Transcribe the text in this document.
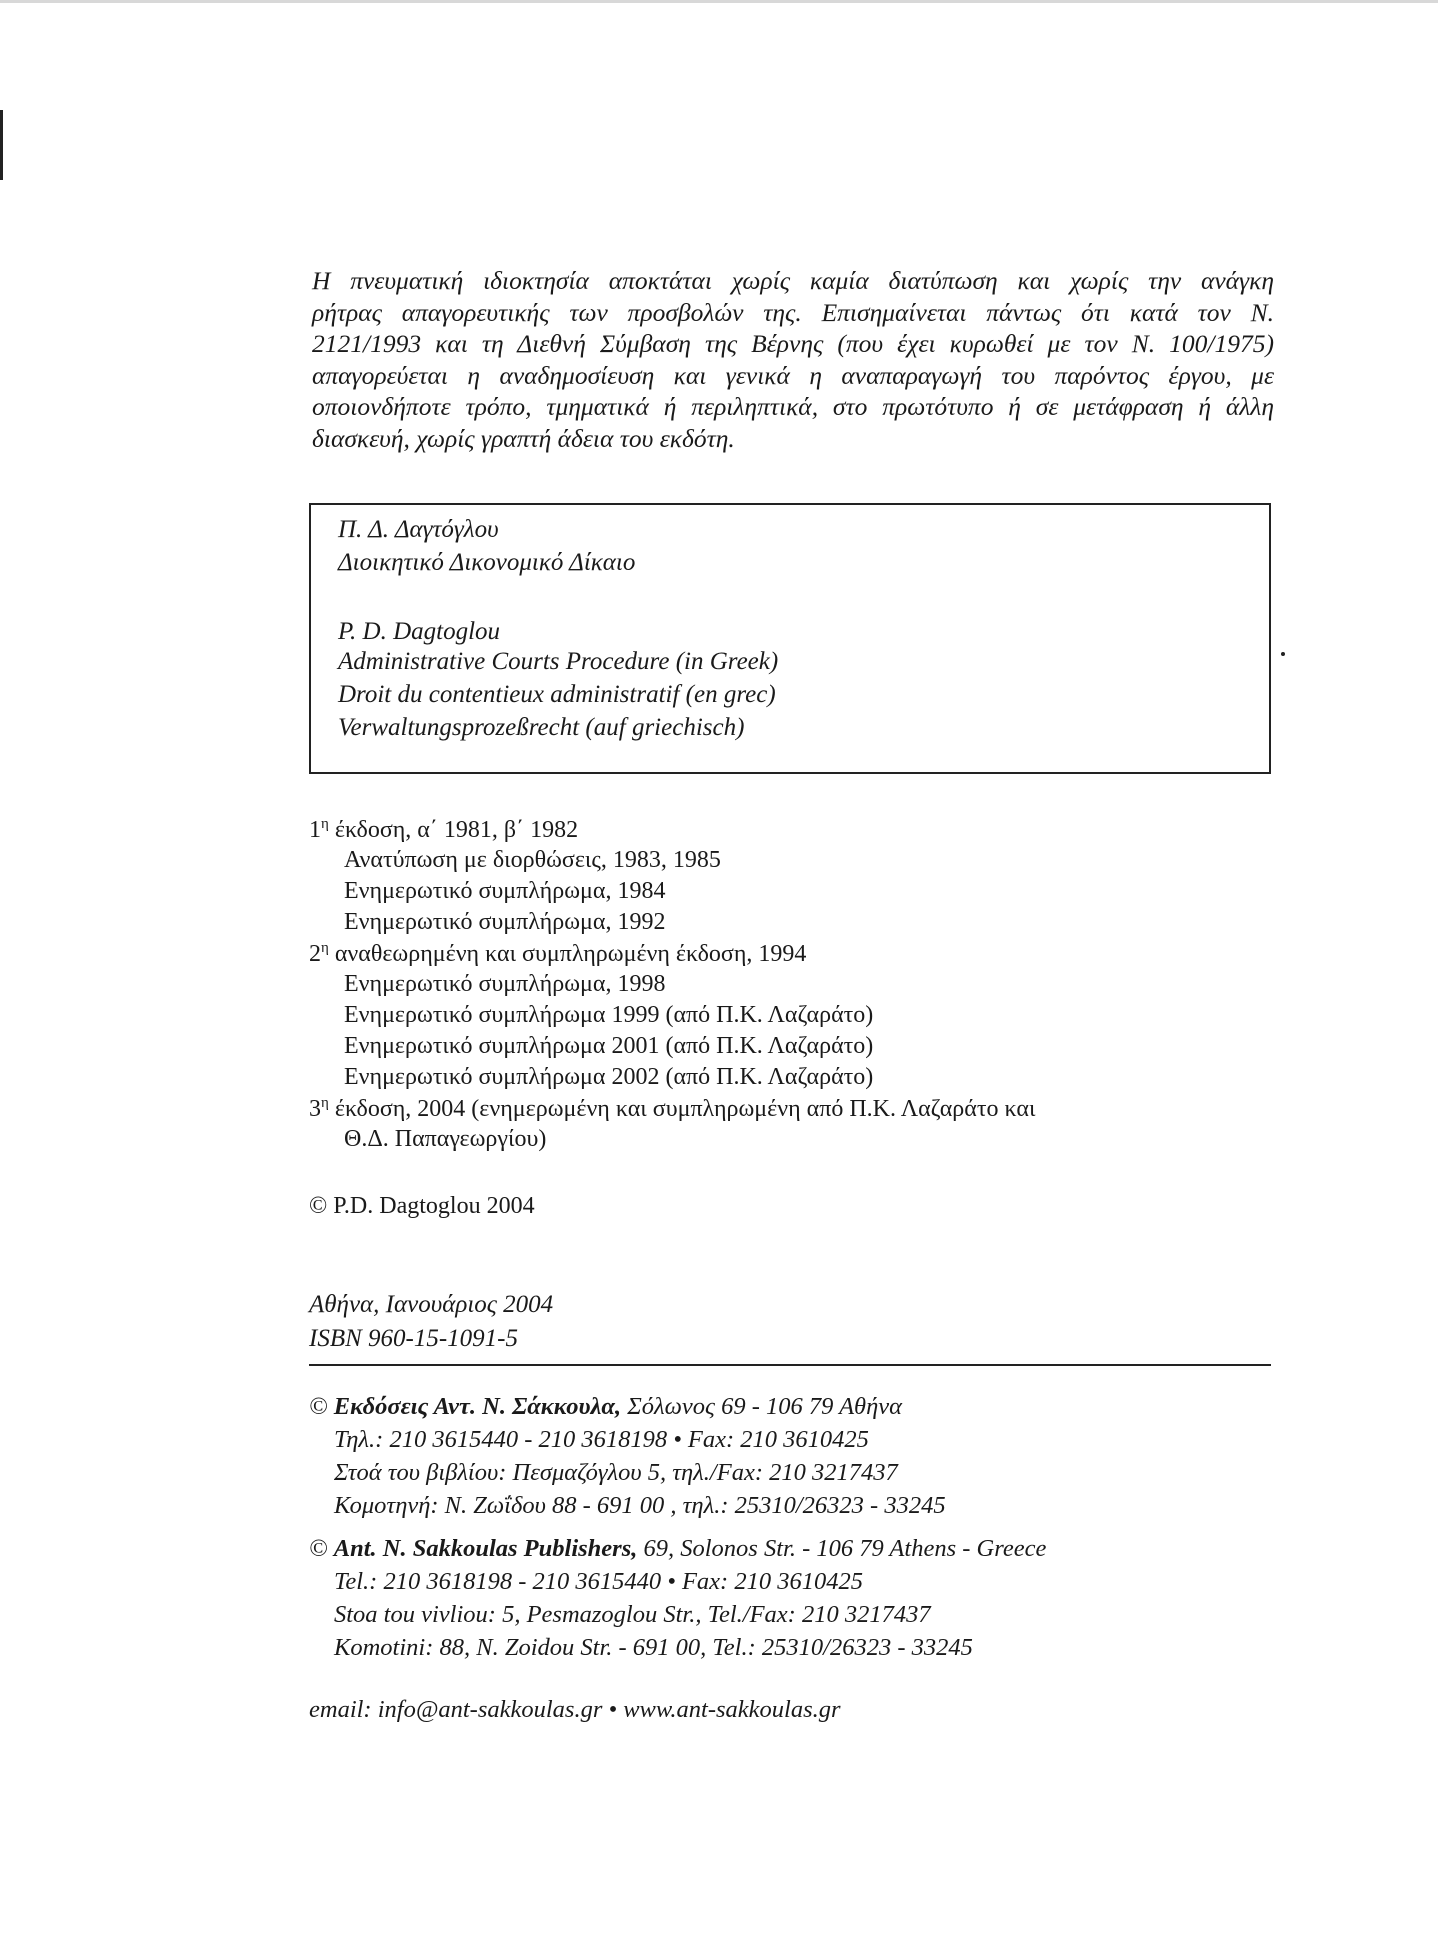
Η πνευματική ιδιοκτησία αποκτάται χωρίς καμία διατύπωση και χωρίς την ανάγκη
ρήτρας απαγορευτικής των προσβολών της. Επισημαίνεται πάντως ότι κατά τον Ν.
2121/1993 και τη Διεθνή Σύμβαση της Βέρνης (που έχει κυρωθεί με τον Ν. 100/1975)
απαγορεύεται η αναδημοσίευση και γενικά η αναπαραγωγή του παρόντος έργου, με
οποιονδήποτε τρόπο, τμηματικά ή περιληπτικά, στο πρωτότυπο ή σε μετάφραση ή άλλη
διασκευή, χωρίς γραπτή άδεια του εκδότη.
Π. Δ. Δαγτόγλου
Διοικητικό Δικονομικό Δίκαιο
P. D. Dagtoglou
Administrative Courts Procedure (in Greek)
Droit du contentieux administratif (en grec)
Verwaltungsprozeßrecht (auf griechisch)
$1^\eta$ έκδοση, α΄ 1981, β΄ 1982
Ανατύπωση με διορθώσεις, 1983, 1985
Ενημερωτικό συμπλήρωμα, 1984
Ενημερωτικό συμπλήρωμα, 1992
$2^\eta$ αναθεωρημένη και συμπληρωμένη έκδοση, 1994
Ενημερωτικό συμπλήρωμα, 1998
Ενημερωτικό συμπλήρωμα 1999 (από Π.Κ. Λαζαράτο)
Ενημερωτικό συμπλήρωμα 2001 (από Π.Κ. Λαζαράτο)
Ενημερωτικό συμπλήρωμα 2002 (από Π.Κ. Λαζαράτο)
$3^\eta$ έκδοση, 2004 (ενημερωμένη και συμπληρωμένη από Π.Κ. Λαζαράτο και
Θ.Δ. Παπαγεωργίου)
© P.D. Dagtoglou 2004
Αθήνα, Ιανουάριος 2004
ISBN 960-15-1091-5
© Εκδόσεις Αντ. Ν. Σάκκουλα, Σόλωνος 69 - 106 79 Αθήνα
Τηλ.: 210 3615440 - 210 3618198 • Fax: 210 3610425
Στοά του βιβλίου: Πεσμαζόγλου 5, τηλ./Fax: 210 3217437
Κομοτηνή: Ν. Ζωΐδου 88 - 691 00 , τηλ.: 25310/26323 - 33245
© Ant. N. Sakkoulas Publishers, 69, Solonos Str. - 106 79 Athens - Greece
Tel.: 210 3618198 - 210 3615440 • Fax: 210 3610425
Stoa tou vivliou: 5, Pesmazoglou Str., Tel./Fax: 210 3217437
Komotini: 88, N. Zoidou Str. - 691 00, Tel.: 25310/26323 - 33245
email: info@ant-sakkoulas.gr • www.ant-sakkoulas.gr
